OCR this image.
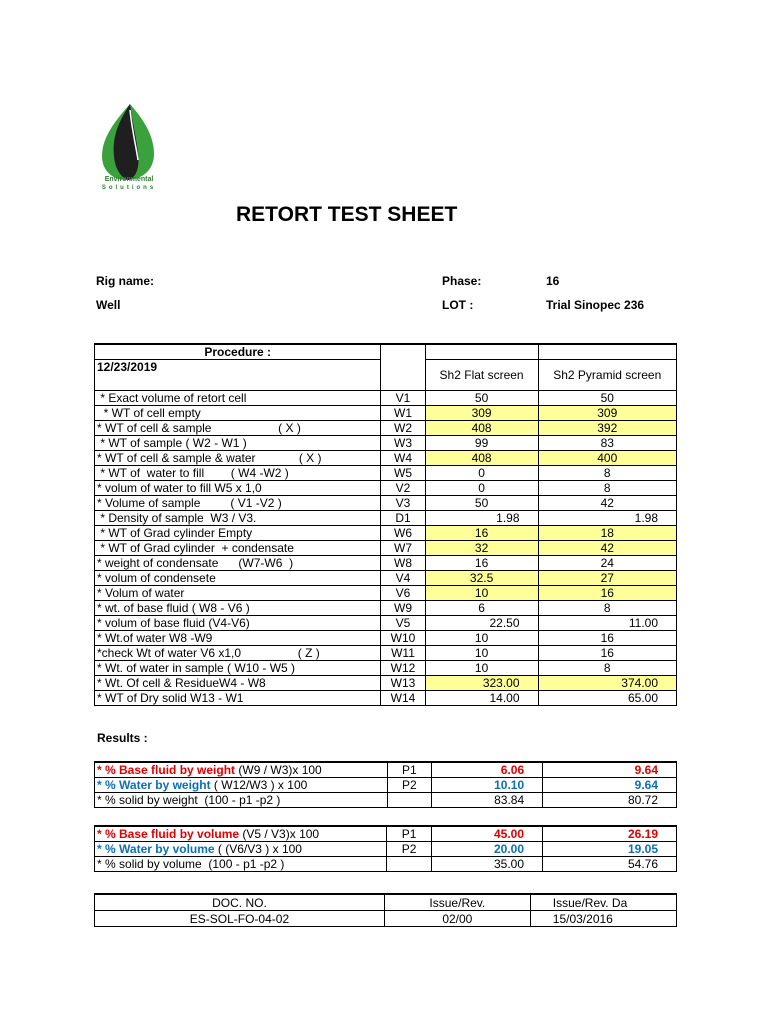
Environmental
Solutions
RETORT TEST SHEET
Rig name:
Well
Phase:	16
LOT :	Trial Sinopec 236
Procedure :			
12/23/2019		Sh2 Flat screen	Sh2 Pyramid screen
* Exact volume of retort cell	V1	50	50
* WT of cell empty	W1	309	309
* WT of cell & sample                    ( X )	W2	408	392
* WT of sample ( W2 - W1 )	W3	99	83
* WT of cell & sample & water             ( X )	W4	408	400
* WT of  water to fill        ( W4 -W2 )	W5	0	8
* volum of water to fill W5 x 1,0	V2	0	8
* Volume of sample         ( V1 -V2 )	V3	50	42
* Density of sample  W3 / V3.	D1	1.98	1.98
* WT of Grad cylinder Empty	W6	16	18
* WT of Grad cylinder  + condensate	W7	32	42
* weight of condensate      (W7-W6  )	W8	16	24
* volum of condensete	V4	32.5	27
* Volum of water	V6	10	16
* wt. of base fluid ( W8 - V6 )	W9	6	8
* volum of base fluid (V4-V6)	V5	22.50	11.00
* Wt.of water W8 -W9	W10	10	16
*check Wt of water V6 x1,0                 ( Z )	W11	10	16
* Wt. of water in sample ( W10 - W5 )	W12	10	8
* Wt. Of cell & ResidueW4 - W8	W13	323.00	374.00
* WT of Dry solid W13 - W1	W14	14.00	65.00
Results :
* % Base fluid by weight (W9 / W3)x 100	P1	6.06	9.64
* % Water by weight ( W12/W3 ) x 100	P2	10.10	9.64
* % solid by weight  (100 - p1 -p2 )		83.84	80.72
* % Base fluid by volume (V5 / V3)x 100	P1	45.00	26.19
* % Water by volume ( (V6/V3 ) x 100	P2	20.00	19.05
* % solid by volume  (100 - p1 -p2 )		35.00	54.76
DOC. NO.	Issue/Rev.	Issue/Rev. Da
ES-SOL-FO-04-02	02/00	15/03/2016
